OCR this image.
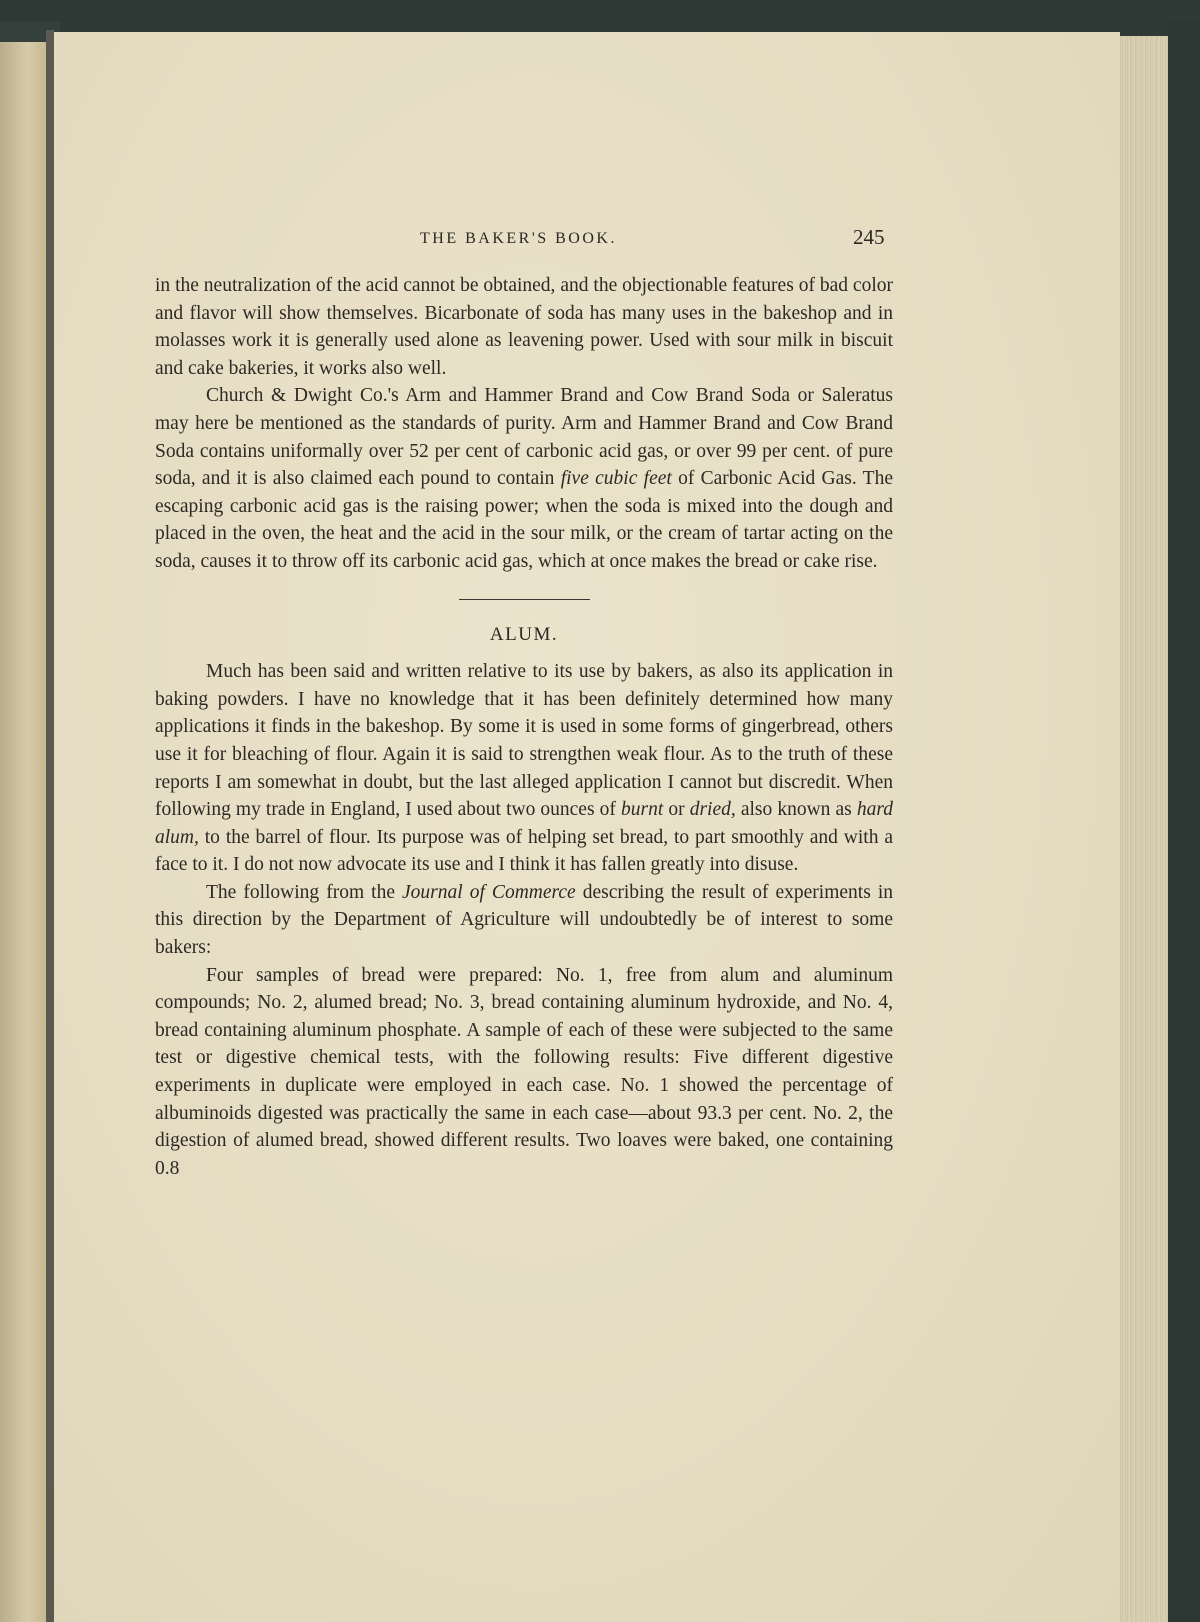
THE BAKER'S BOOK.	245

in the neutralization of the acid cannot be obtained, and the objectionable features of bad color and flavor will show themselves. Bicarbonate of soda has many uses in the bakeshop and in molasses work it is generally used alone as leavening power. Used with sour milk in biscuit and cake bakeries, it works also well.

Church & Dwight Co.'s Arm and Hammer Brand and Cow Brand Soda or Saleratus may here be mentioned as the standards of purity. Arm and Hammer Brand and Cow Brand Soda contains uniformally over 52 per cent of carbonic acid gas, or over 99 per cent. of pure soda, and it is also claimed each pound to contain five cubic feet of Carbonic Acid Gas. The escaping carbonic acid gas is the raising power; when the soda is mixed into the dough and placed in the oven, the heat and the acid in the sour milk, or the cream of tartar acting on the soda, causes it to throw off its carbonic acid gas, which at once makes the bread or cake rise.

ALUM.

Much has been said and written relative to its use by bakers, as also its application in baking powders. I have no knowledge that it has been definitely determined how many applications it finds in the bakeshop. By some it is used in some forms of gingerbread, others use it for bleaching of flour. Again it is said to strengthen weak flour. As to the truth of these reports I am somewhat in doubt, but the last alleged application I cannot but discredit. When following my trade in England, I used about two ounces of burnt or dried, also known as hard alum, to the barrel of flour. Its purpose was of helping set bread, to part smoothly and with a face to it. I do not now advocate its use and I think it has fallen greatly into disuse.

The following from the Journal of Commerce describing the result of experiments in this direction by the Department of Agriculture will undoubtedly be of interest to some bakers:

Four samples of bread were prepared: No. 1, free from alum and aluminum compounds; No. 2, alumed bread; No. 3, bread containing aluminum hydroxide, and No. 4, bread containing aluminum phosphate. A sample of each of these were subjected to the same test or digestive chemical tests, with the following results: Five different digestive experiments in duplicate were employed in each case. No. 1 showed the percentage of albuminoids digested was practically the same in each case—about 93.3 per cent. No. 2, the digestion of alumed bread, showed different results. Two loaves were baked, one containing 0.8
